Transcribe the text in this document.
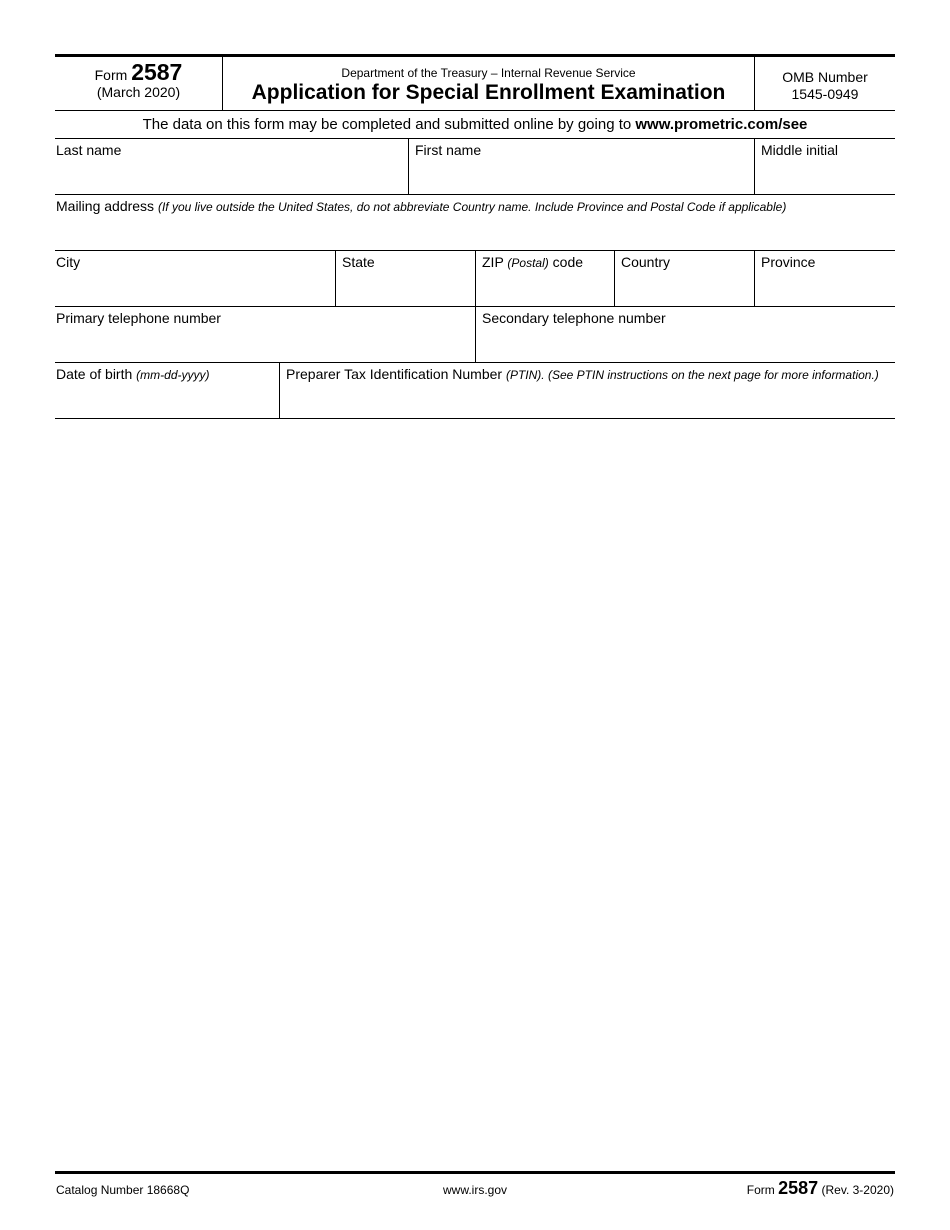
Form 2587
(March 2020)
Department of the Treasury – Internal Revenue Service
Application for Special Enrollment Examination
OMB Number
1545-0949
The data on this form may be completed and submitted online by going to www.prometric.com/see
Last name	First name	Middle initial
Mailing address (If you live outside the United States, do not abbreviate Country name. Include Province and Postal Code if applicable)
City	State	ZIP (Postal) code	Country	Province
Primary telephone number	Secondary telephone number
Date of birth (mm-dd-yyyy)	Preparer Tax Identification Number (PTIN). (See PTIN instructions on the next page for more information.)
Catalog Number 18668Q	www.irs.gov	Form 2587 (Rev. 3-2020)
